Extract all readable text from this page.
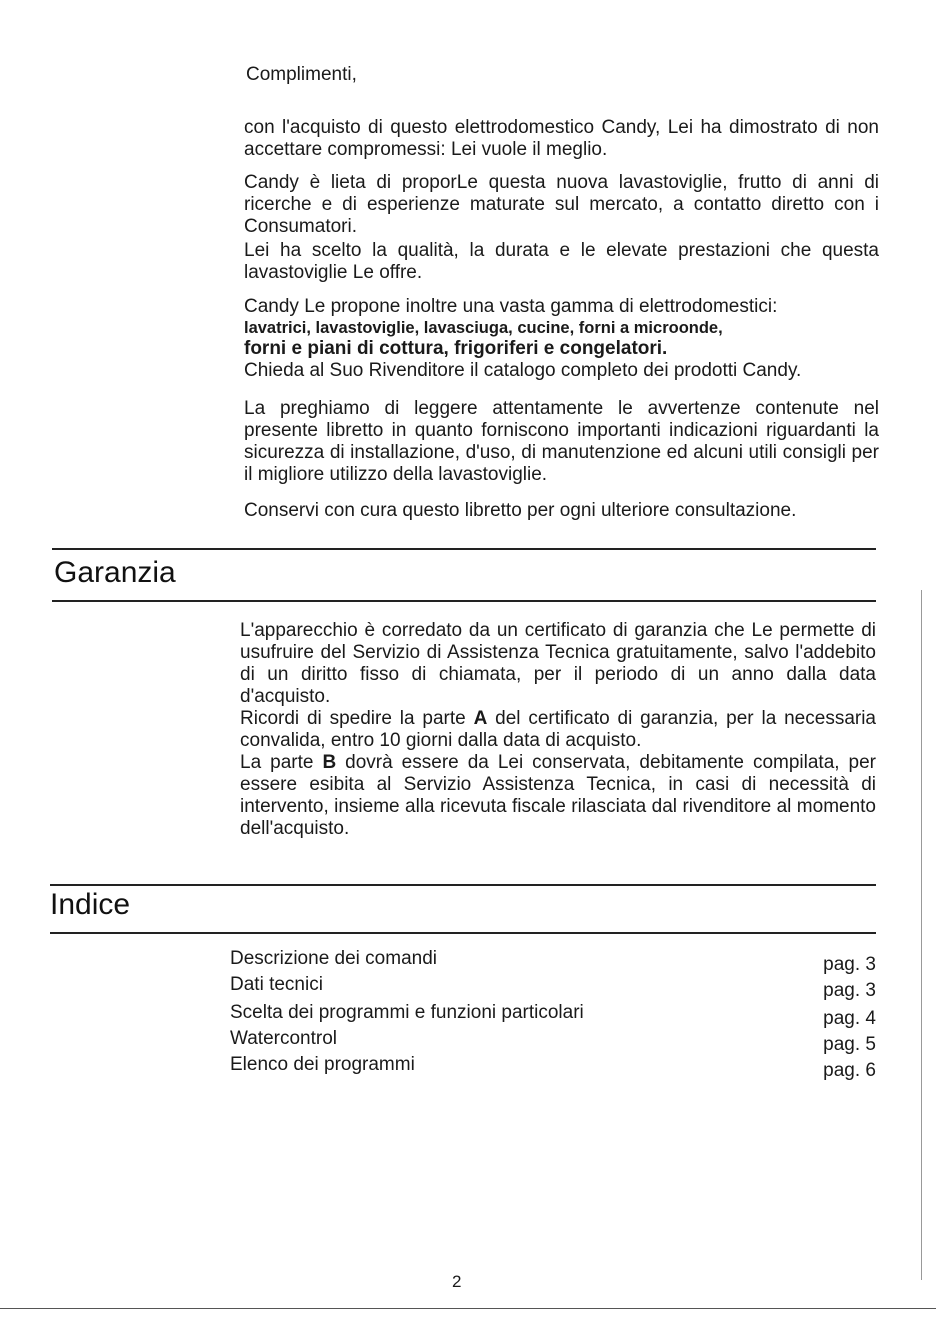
Complimenti,

con l'acquisto di questo elettrodomestico Candy, Lei ha dimostrato di non accettare compromessi: Lei vuole il meglio.

Candy è lieta di proporLe questa nuova lavastoviglie, frutto di anni di ricerche e di esperienze maturate sul mercato, a contatto diretto con i Consumatori.

Lei ha scelto la qualità, la durata e le elevate prestazioni che questa lavastoviglie Le offre.

Candy Le propone inoltre una vasta gamma di elettrodomestici:

lavatrici, lavastoviglie, lavasciuga, cucine, forni a microonde,

forni e piani di cottura, frigoriferi e congelatori.

Chieda al Suo Rivenditore il catalogo completo dei prodotti Candy.

La preghiamo di leggere attentamente le avvertenze contenute nel presente libretto in quanto forniscono importanti indicazioni riguardanti la sicurezza di installazione, d'uso, di manutenzione ed alcuni utili consigli per il migliore utilizzo della lavastoviglie.

Conservi con cura questo libretto per ogni ulteriore consultazione.

Garanzia

L'apparecchio è corredato da un certificato di garanzia che Le permette di usufruire del Servizio di Assistenza Tecnica gratuitamente, salvo l'addebito di un diritto fisso di chiamata, per il periodo di un anno dalla data d'acquisto.

Ricordi di spedire la parte A del certificato di garanzia, per la necessaria convalida, entro 10 giorni dalla data di acquisto.

La parte B dovrà essere da Lei conservata, debitamente compilata, per essere esibita al Servizio Assistenza Tecnica, in casi di necessità di intervento, insieme alla ricevuta fiscale rilasciata dal rivenditore al momento dell'acquisto.

Indice
Descrizione dei comandi	pag. 3
Dati tecnici	pag. 3
Scelta dei programmi e funzioni particolari	pag. 4
Watercontrol	pag. 5
Elenco dei programmi	pag. 6
2
